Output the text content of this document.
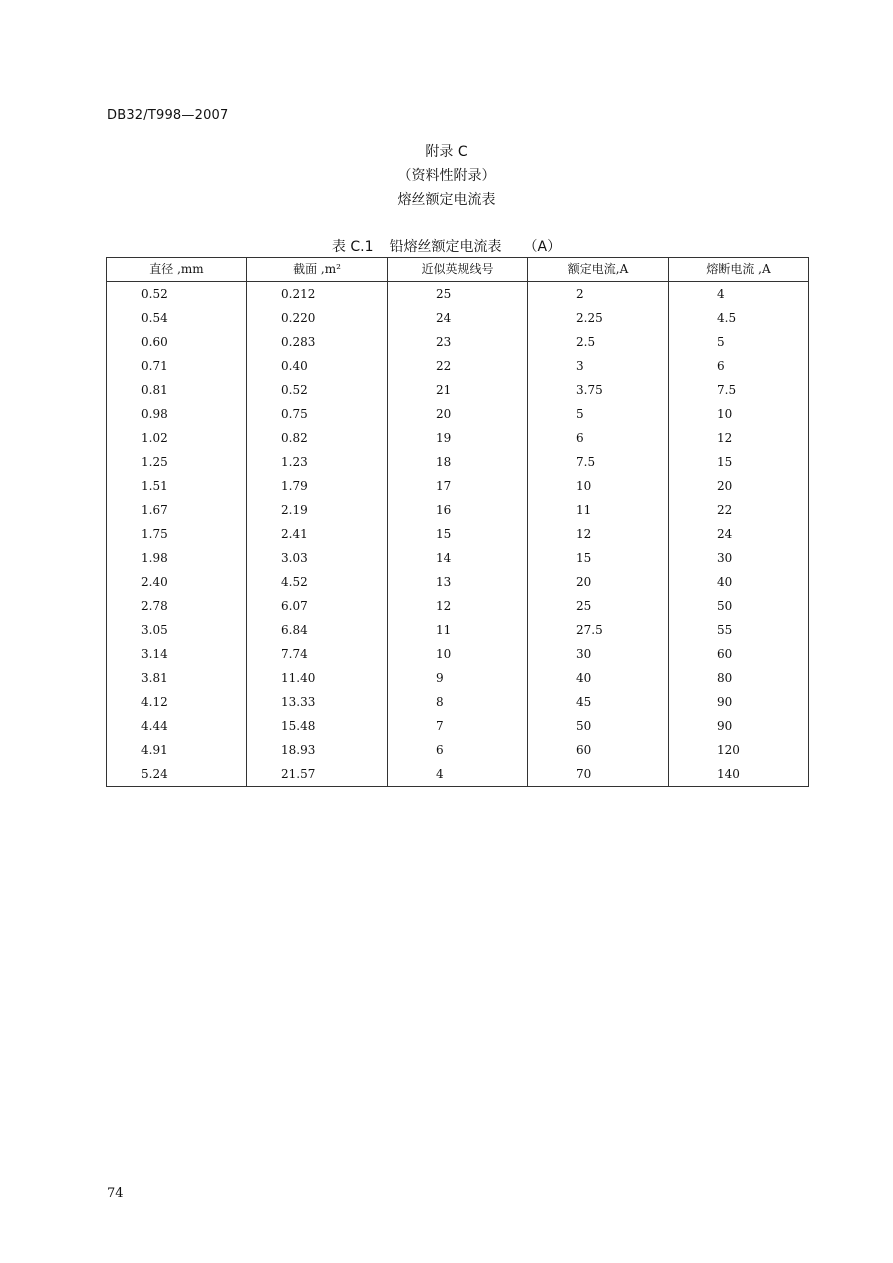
DB32/T998—2007
附录 C
（资料性附录）
熔丝额定电流表
表 C.1 铅熔丝额定电流表 （A）
直径 ,mm	截面 ,m²	近似英规线号	额定电流,A	熔断电流 ,A
0.52	0.212	25	2	4
0.54	0.220	24	2.25	4.5
0.60	0.283	23	2.5	5
0.71	0.40	22	3	6
0.81	0.52	21	3.75	7.5
0.98	0.75	20	5	10
1.02	0.82	19	6	12
1.25	1.23	18	7.5	15
1.51	1.79	17	10	20
1.67	2.19	16	11	22
1.75	2.41	15	12	24
1.98	3.03	14	15	30
2.40	4.52	13	20	40
2.78	6.07	12	25	50
3.05	6.84	11	27.5	55
3.14	7.74	10	30	60
3.81	11.40	9	40	80
4.12	13.33	8	45	90
4.44	15.48	7	50	90
4.91	18.93	6	60	120
5.24	21.57	4	70	140
74
